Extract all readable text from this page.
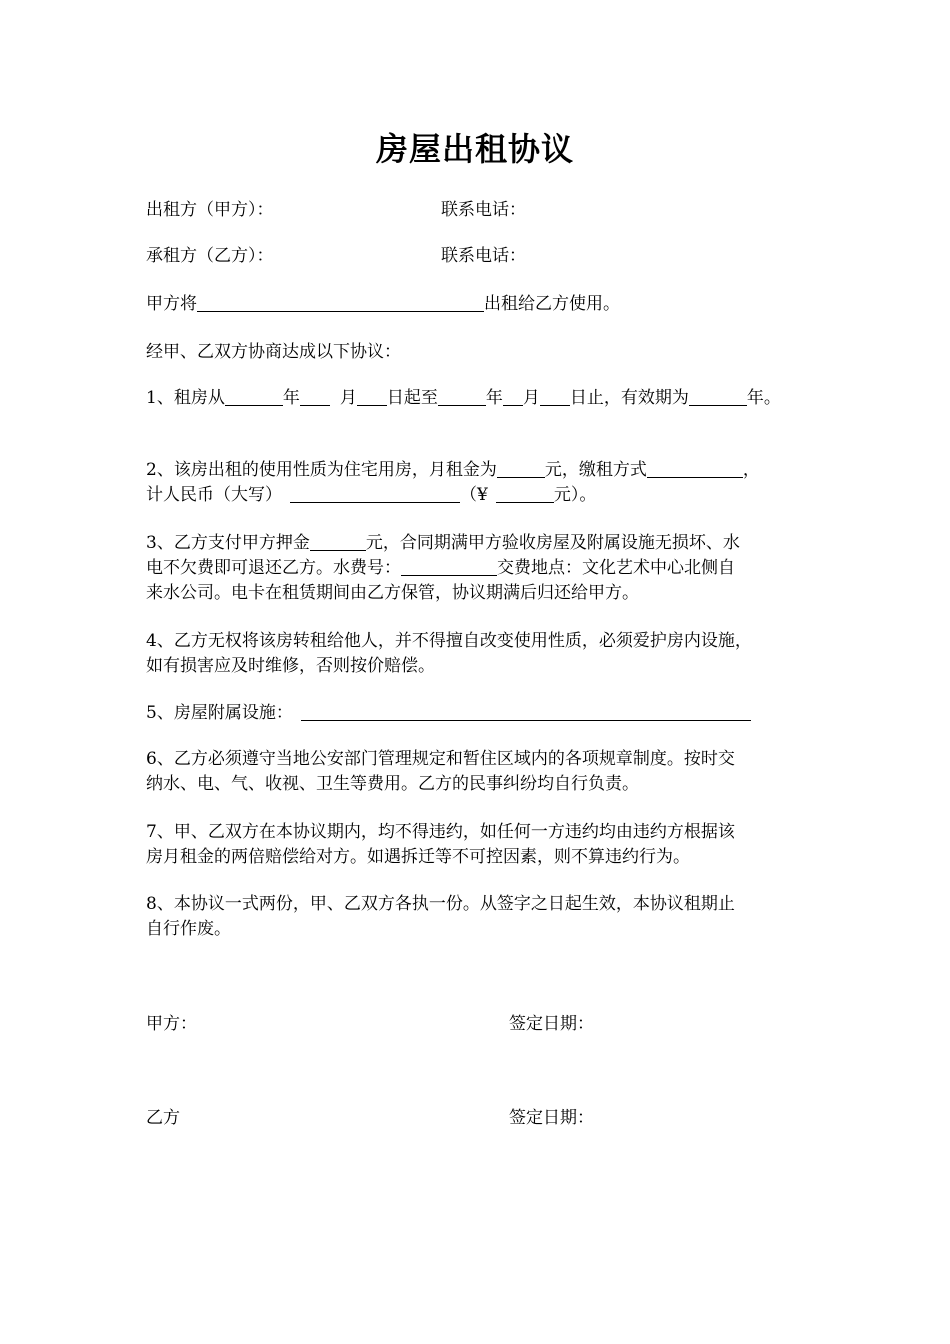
房屋出租协议
出租方（甲方）：	联系电话：
承租方（乙方）：	联系电话：
甲方将	出租给乙方使用。
经甲、乙双方协商达成以下协议：
1、租房从	年 月 日起至	年 月 日止，有效期为	年。
2、该房出租的使用性质为住宅用房，月租金为	元，缴租方式	，
计人民币（大写）	（¥	元）。
3、乙方支付甲方押金	元，合同期满甲方验收房屋及附属设施无损坏、水
电不欠费即可退还乙方。水费号：	交费地点：文化艺术中心北侧自
来水公司。电卡在租赁期间由乙方保管，协议期满后归还给甲方。
4、乙方无权将该房转租给他人，并不得擅自改变使用性质，必须爱护房内设施，
如有损害应及时维修，否则按价赔偿。
5、房屋附属设施：
6、乙方必须遵守当地公安部门管理规定和暂住区域内的各项规章制度。按时交
纳水、电、气、收视、卫生等费用。乙方的民事纠纷均自行负责。
7、甲、乙双方在本协议期内，均不得违约，如任何一方违约均由违约方根据该
房月租金的两倍赔偿给对方。如遇拆迁等不可控因素，则不算违约行为。
8、本协议一式两份，甲、乙双方各执一份。从签字之日起生效，本协议租期止
自行作废。
甲方：	签定日期：
乙方	签定日期：
